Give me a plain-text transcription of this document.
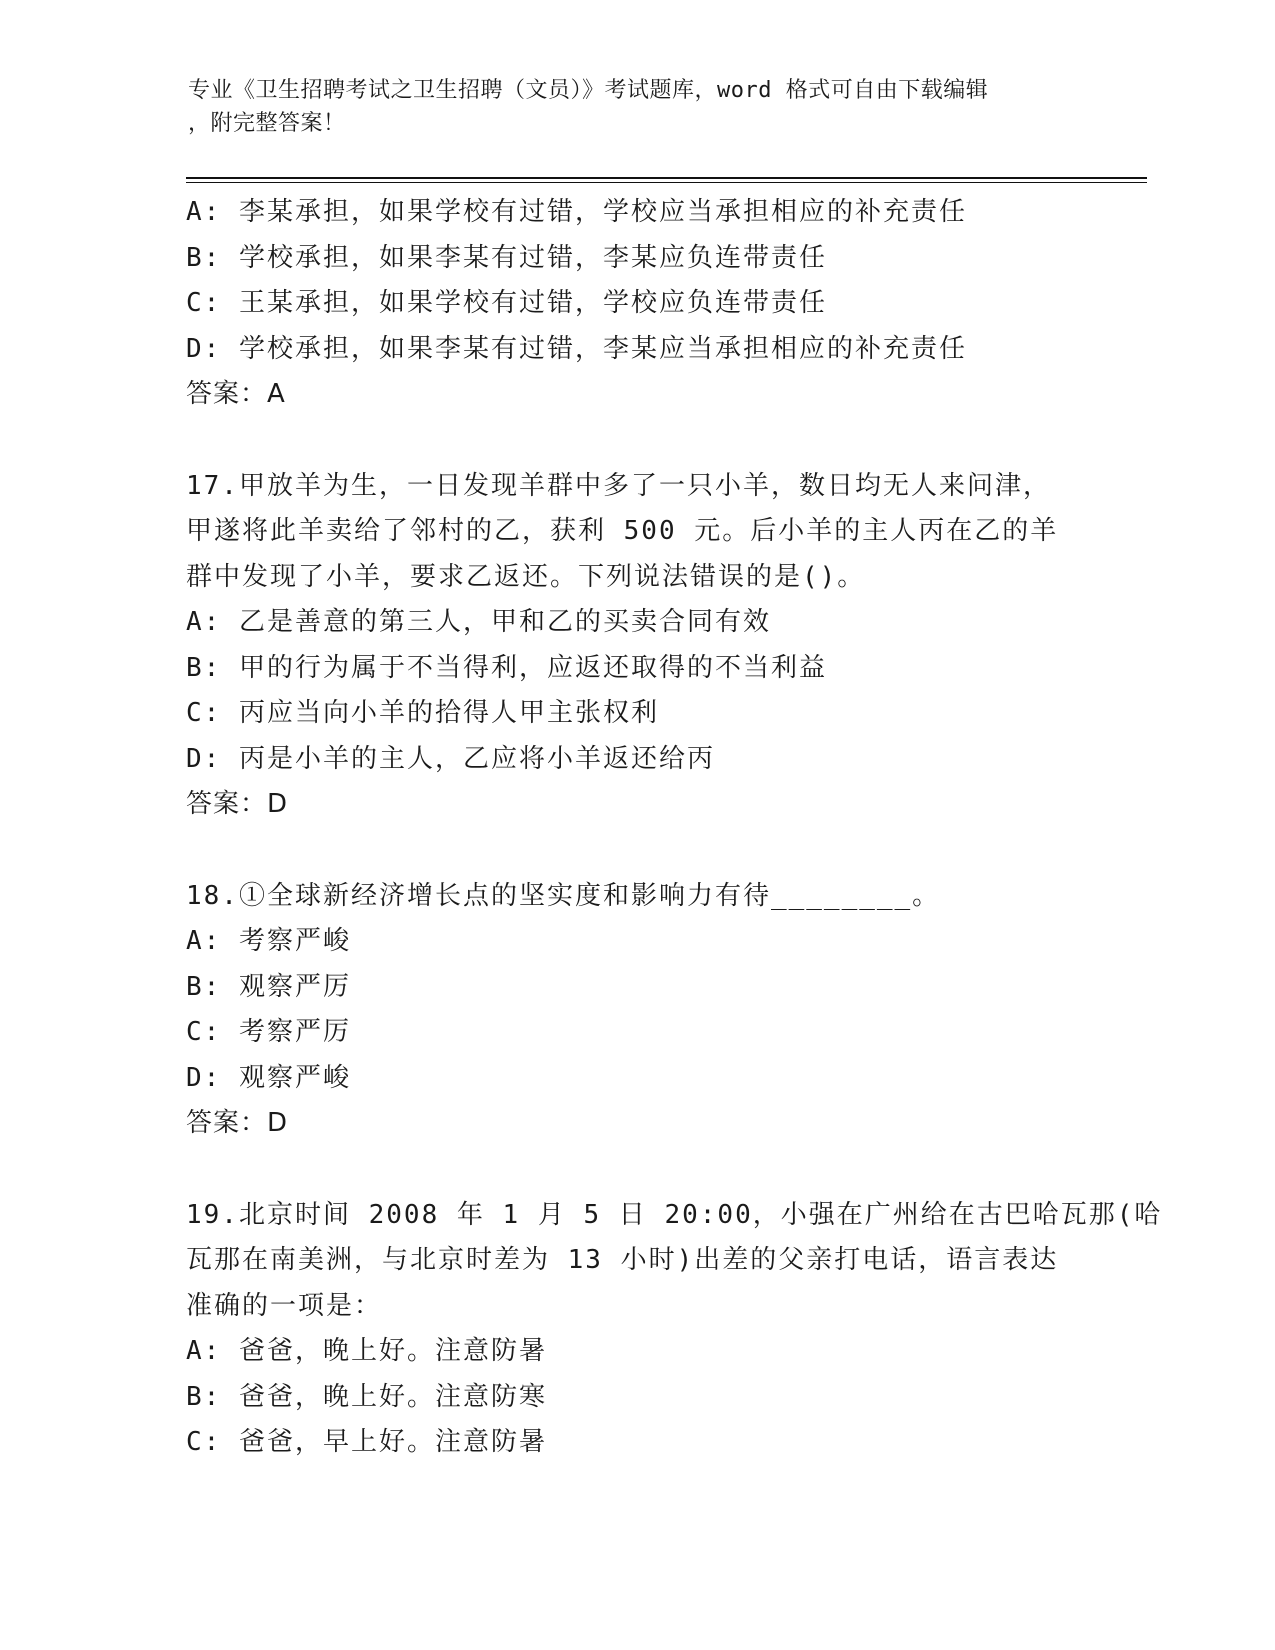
专业《卫生招聘考试之卫生招聘（文员）》考试题库，word 格式可自由下载编辑
，附完整答案！
A: 李某承担，如果学校有过错，学校应当承担相应的补充责任
B: 学校承担，如果李某有过错，李某应负连带责任
C: 王某承担，如果学校有过错，学校应负连带责任
D: 学校承担，如果李某有过错，李某应当承担相应的补充责任
答案：A
17.甲放羊为生，一日发现羊群中多了一只小羊，数日均无人来问津，
甲遂将此羊卖给了邻村的乙，获利 500 元。后小羊的主人丙在乙的羊
群中发现了小羊，要求乙返还。下列说法错误的是()。
A: 乙是善意的第三人，甲和乙的买卖合同有效
B: 甲的行为属于不当得利，应返还取得的不当利益
C: 丙应当向小羊的拾得人甲主张权利
D: 丙是小羊的主人，乙应将小羊返还给丙
答案：D
18.①全球新经济增长点的坚实度和影响力有待________。
A: 考察严峻
B: 观察严厉
C: 考察严厉
D: 观察严峻
答案：D
19.北京时间 2008 年 1 月 5 日 20:00，小强在广州给在古巴哈瓦那(哈
瓦那在南美洲，与北京时差为 13 小时)出差的父亲打电话，语言表达
准确的一项是：
A: 爸爸，晚上好。注意防暑
B: 爸爸，晚上好。注意防寒
C: 爸爸，早上好。注意防暑
